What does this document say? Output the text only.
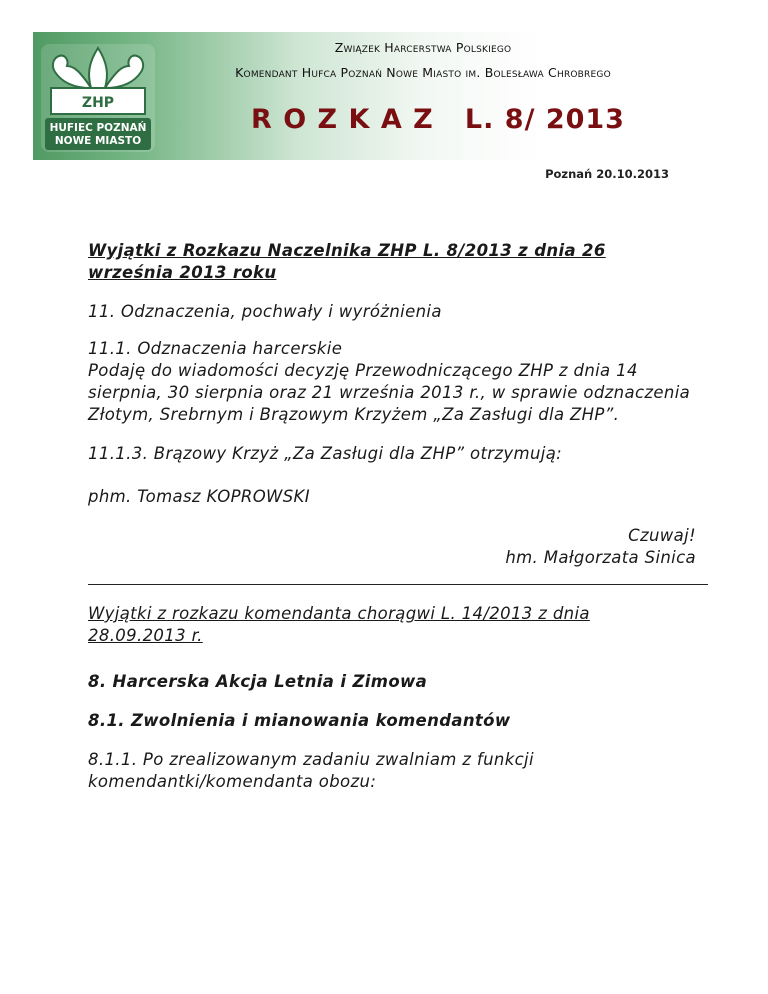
ZHP
HUFIEC POZNAŃ
NOWE MIASTO
Związek Harcerstwa Polskiego
Komendant Hufca Poznań Nowe Miasto im. Bolesława Chrobrego
R O Z K A Z   L. 8/ 2013
Poznań 20.10.2013
Wyjątki z Rozkazu Naczelnika ZHP L. 8/2013 z dnia 26
września 2013 roku
11. Odznaczenia, pochwały i wyróżnienia
11.1. Odznaczenia harcerskie
Podaję do wiadomości decyzję Przewodniczącego ZHP z dnia 14 sierpnia, 30 sierpnia oraz 21 września 2013 r., w sprawie odznaczenia Złotym, Srebrnym i Brązowym Krzyżem „Za Zasługi dla ZHP”.
11.1.3. Brązowy Krzyż „Za Zasługi dla ZHP” otrzymują:
phm. Tomasz KOPROWSKI
Czuwaj!
hm. Małgorzata Sinica
Wyjątki z rozkazu komendanta chorągwi L. 14/2013 z dnia
28.09.2013 r.
8. Harcerska Akcja Letnia i Zimowa
8.1. Zwolnienia i mianowania komendantów
8.1.1. Po zrealizowanym zadaniu zwalniam z funkcji
komendantki/komendanta obozu:
